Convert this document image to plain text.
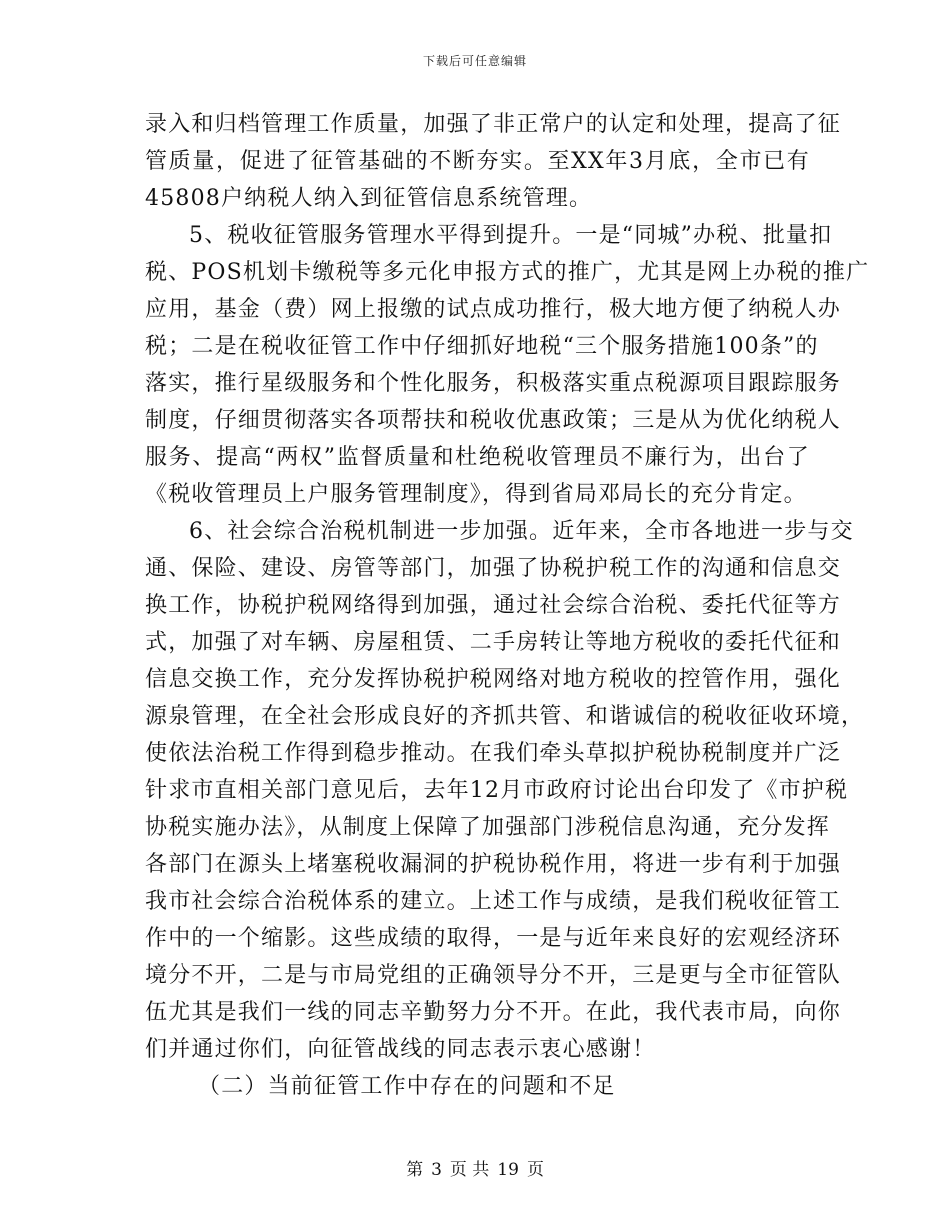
下载后可任意编辑
录入和归档管理工作质量，加强了非正常户的认定和处理，提高了征
管质量，促进了征管基础的不断夯实。至XX年3月底，全市已有
45808户纳税人纳入到征管信息系统管理。
5、税收征管服务管理水平得到提升。一是“同城”办税、批量扣
税、POS机划卡缴税等多元化申报方式的推广，尤其是网上办税的推广
应用，基金（费）网上报缴的试点成功推行，极大地方便了纳税人办
税；二是在税收征管工作中仔细抓好地税“三个服务措施100条”的
落实，推行星级服务和个性化服务，积极落实重点税源项目跟踪服务
制度，仔细贯彻落实各项帮扶和税收优惠政策；三是从为优化纳税人
服务、提高“两权”监督质量和杜绝税收管理员不廉行为，出台了
《税收管理员上户服务管理制度》，得到省局邓局长的充分肯定。
6、社会综合治税机制进一步加强。近年来，全市各地进一步与交
通、保险、建设、房管等部门，加强了协税护税工作的沟通和信息交
换工作，协税护税网络得到加强，通过社会综合治税、委托代征等方
式，加强了对车辆、房屋租赁、二手房转让等地方税收的委托代征和
信息交换工作，充分发挥协税护税网络对地方税收的控管作用，强化
源泉管理，在全社会形成良好的齐抓共管、和谐诚信的税收征收环境，
使依法治税工作得到稳步推动。在我们牵头草拟护税协税制度并广泛
针求市直相关部门意见后，去年12月市政府讨论出台印发了《市护税
协税实施办法》，从制度上保障了加强部门涉税信息沟通，充分发挥
各部门在源头上堵塞税收漏洞的护税协税作用，将进一步有利于加强
我市社会综合治税体系的建立。上述工作与成绩，是我们税收征管工
作中的一个缩影。这些成绩的取得，一是与近年来良好的宏观经济环
境分不开，二是与市局党组的正确领导分不开，三是更与全市征管队
伍尤其是我们一线的同志辛勤努力分不开。在此，我代表市局，向你
们并通过你们，向征管战线的同志表示衷心感谢！
（二）当前征管工作中存在的问题和不足
第 3 页 共 19 页
